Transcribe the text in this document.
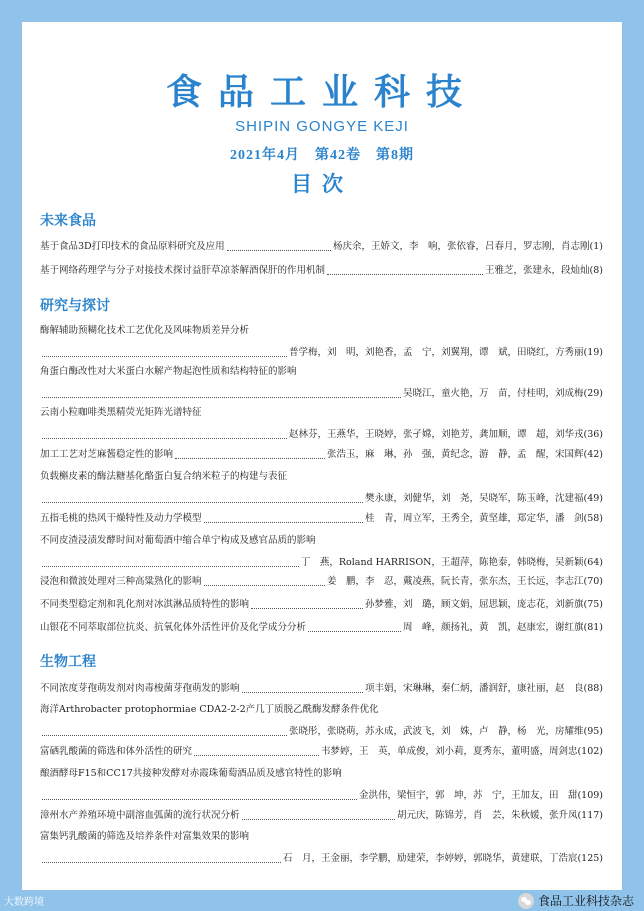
食品工业科技
SHIPIN GONGYE KEJI
2021年4月　第42卷　第8期
目次
未来食品
基于食品3D打印技术的食品原料研究及应用	杨庆余，王娇文，李　响，张依睿，吕春月，罗志刚，肖志刚 (1)
基于网络药理学与分子对接技术探讨益肝草凉茶解酒保肝的作用机制	王雅芝，张建永，段灿灿 (8)
研究与探讨
酶解辅助预糊化技术工艺优化及风味物质差异分析
普学梅，刘　明，刘艳香，孟　宁，刘翼翔，谭　斌，田晓红，方秀丽 (19)
角蛋白酶改性对大米蛋白水解产物起泡性质和结构特征的影响
吴晓江，童火艳，万　苗，付桂明，刘成梅 (29)
云南小粒咖啡类黑精荧光矩阵光谱特征
赵林芬，王燕华，王晓婷，张孑嫦，刘艳芳，龚加顺，谭　超，刘华戎 (36)
加工工艺对芝麻酱稳定性的影响	张浩玉，麻　琳，孙　强，黄纪念，游　静，孟　醒，宋国辉 (42)
负载槲皮素的酶法糖基化酪蛋白复合纳米粒子的构建与表征
樊永康，刘健华，刘　尧，吴晓军，陈玉峰，沈建福 (49)
五指毛桃的热风干燥特性及动力学模型	桂　青，周立军，王秀全，黄坚雄，郑定华，潘　剑 (58)
不同皮渣浸渍发酵时间对葡萄酒中缩合单宁构成及感官品质的影响
丁　燕，Roland HARRISON，王超萍，陈艳泰，韩晓梅，吴新颖 (64)
浸泡和微波处理对三种高粱熟化的影响	姜　鹏，李　忍，戴凌燕，阮长青，张东杰，王长远，李志江 (70)
不同类型稳定剂和乳化剂对冰淇淋品质特性的影响	孙梦雅，刘　璐，顾文娟，屈思颖，庞志花，刘新旗 (75)
山银花不同萃取部位抗炎、抗氧化体外活性评价及化学成分分析	周　峰，颜扬礼，黄　凯，赵康宏，谢红旗 (81)
生物工程
不同浓度芽孢萌发剂对肉毒梭菌芽孢萌发的影响	项丰娟，宋琳琳，秦仁炳，潘润舒，康社丽，赵　良 (88)
海洋Arthrobacter protophormiae CDA2-2-2产几丁质脱乙酰酶发酵条件优化
张晓彤，张晓萌，苏永成，武波飞，刘　姝，卢　静，杨　光，房耀维 (95)
富硒乳酸菌的筛选和体外活性的研究	韦梦婷，王　英，单成俊，刘小莉，夏秀东，董明盛，周剑忠 (102)
酿酒酵母F15和CC17共接种发酵对赤霞珠葡萄酒品质及感官特性的影响
金洪伟，梁恒宇，郭　坤，苏　宁，王加友，田　甜 (109)
漳州水产养殖环境中副溶血弧菌的流行状况分析	胡元庆，陈锦芳，肖　芸，朱秋媛，张升凤 (117)
富集钙乳酸菌的筛选及培养条件对富集效果的影响
石　月，王金丽，李学鹏，励建荣，李婷婷，郭晓华，黄建联，丁浩宸 (125)
大数跨境	食品工业科技杂志
